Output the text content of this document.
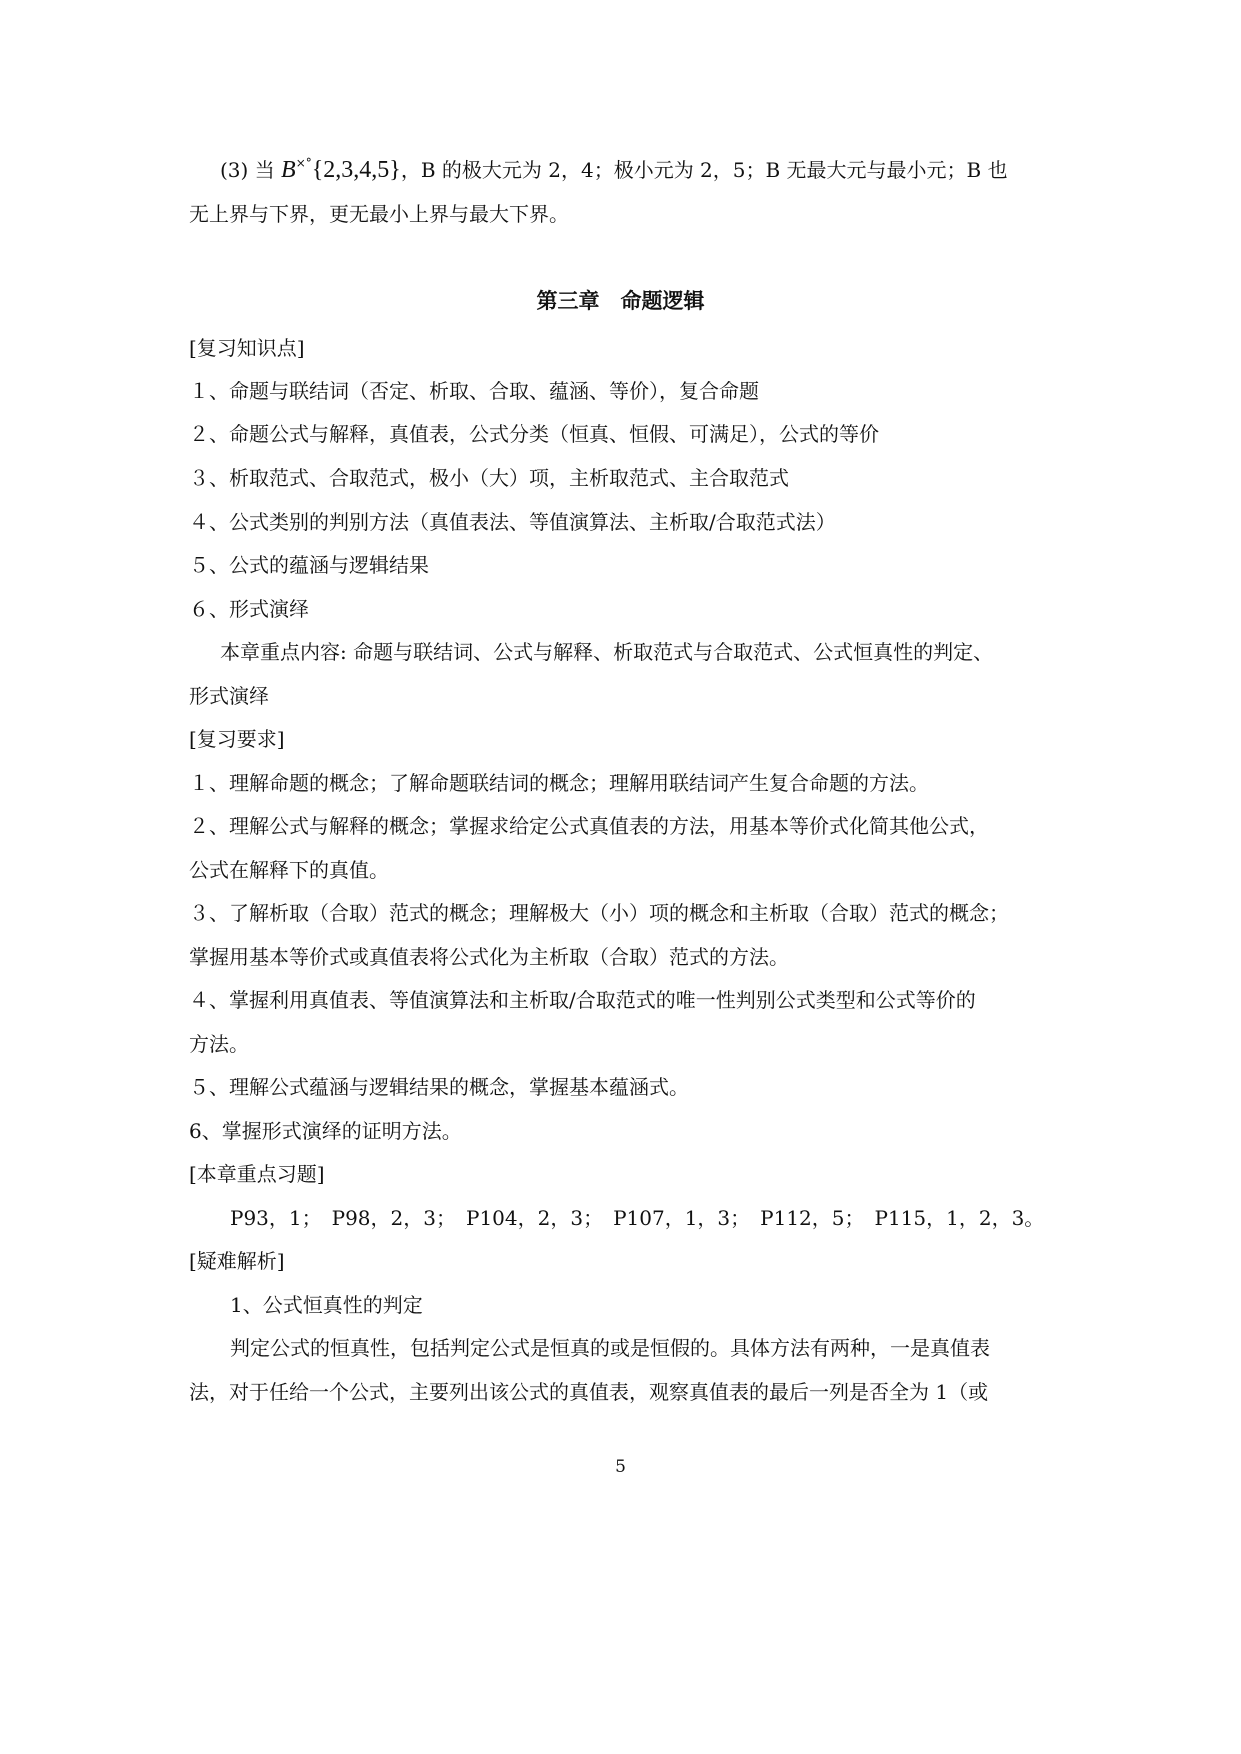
(3) 当 B×°{2,3,4,5}，B 的极大元为 2，4；极小元为 2，5；B 无最大元与最小元；B 也
无上界与下界，更无最小上界与最大下界。
第三章　命题逻辑
[复习知识点]
１、命题与联结词（否定、析取、合取、蕴涵、等价），复合命题
２、命题公式与解释，真值表，公式分类（恒真、恒假、可满足），公式的等价
３、析取范式、合取范式，极小（大）项，主析取范式、主合取范式
４、公式类别的判别方法（真值表法、等值演算法、主析取/合取范式法）
５、公式的蕴涵与逻辑结果
６、形式演绎
本章重点内容: 命题与联结词、公式与解释、析取范式与合取范式、公式恒真性的判定、
形式演绎
[复习要求]
１、理解命题的概念；了解命题联结词的概念；理解用联结词产生复合命题的方法。
２、理解公式与解释的概念；掌握求给定公式真值表的方法，用基本等价式化简其他公式，
公式在解释下的真值。
３、了解析取（合取）范式的概念；理解极大（小）项的概念和主析取（合取）范式的概念；
掌握用基本等价式或真值表将公式化为主析取（合取）范式的方法。
４、掌握利用真值表、等值演算法和主析取/合取范式的唯一性判别公式类型和公式等价的
方法。
５、理解公式蕴涵与逻辑结果的概念，掌握基本蕴涵式。
6、掌握形式演绎的证明方法。
[本章重点习题]
P93，1；　P98，2，3；　P104，2，3；　P107，1，3；　P112，5；　P115，1，2，3。
[疑难解析]
1、公式恒真性的判定
判定公式的恒真性，包括判定公式是恒真的或是恒假的。具体方法有两种，一是真值表
法，对于任给一个公式，主要列出该公式的真值表，观察真值表的最后一列是否全为 1（或
5
